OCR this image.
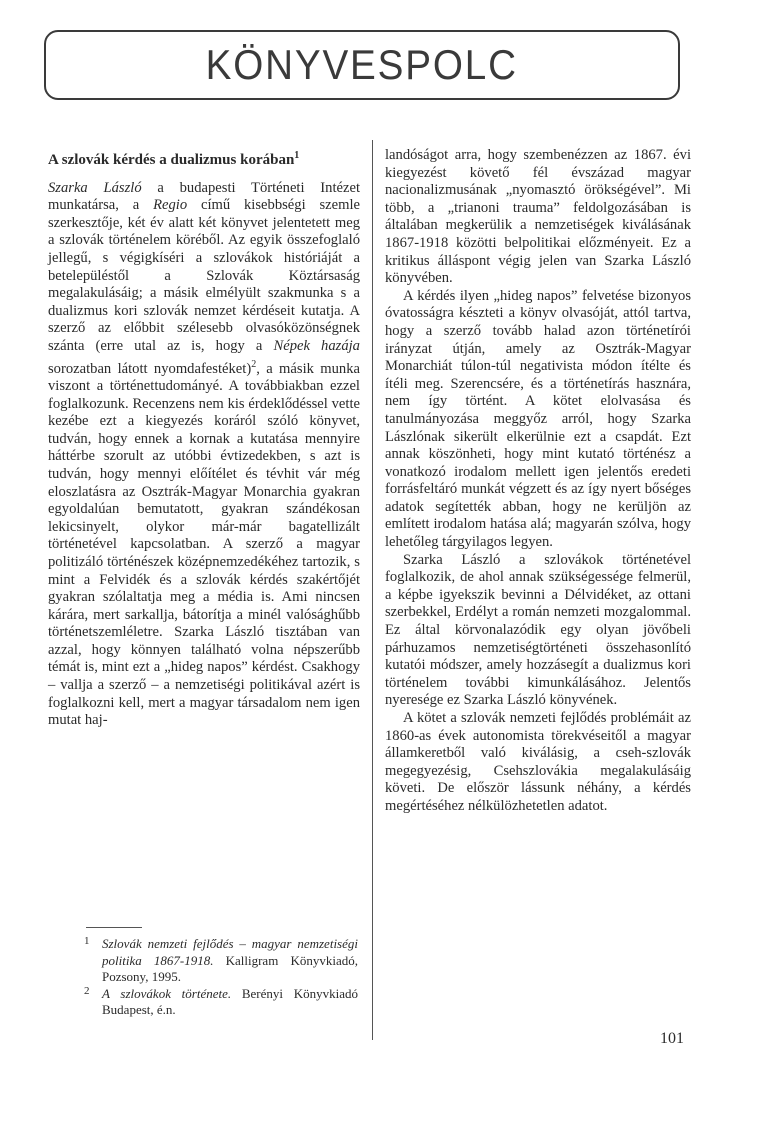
KÖNYVESPOLC
A szlovák kérdés a dualizmus korában$^1$

Szarka László a budapesti Történeti Intézet munkatársa, a Regio című kisebbségi szemle szerkesztője, két év alatt két könyvet jelentetett meg a szlovák történelem köréből. Az egyik összefoglaló jellegű, s végigkíséri a szlovákok históriáját a betelepüléstől a Szlovák Köztársaság megalakulásáig; a másik elmélyült szakmunka s a dualizmus kori szlovák nemzet kérdéseit kutatja. A szerző az előbbit szélesebb olvasóközönségnek szánta (erre utal az is, hogy a Népek hazája sorozatban látott nyomdafestéket)$^2$, a másik munka viszont a történettudományé. A továbbiakban ezzel foglalkozunk. Recenzens nem kis érdeklődéssel vette kezébe ezt a kiegyezés koráról szóló könyvet, tudván, hogy ennek a kornak a kutatása mennyire háttérbe szorult az utóbbi évtizedekben, s azt is tudván, hogy mennyi előítélet és tévhit vár még eloszlatásra az Osztrák-Magyar Monarchia gyakran egyoldalúan bemutatott, gyakran szándékosan lekicsinyelt, olykor már-már bagatellizált történetével kapcsolatban. A szerző a magyar politizáló történészek középnemzedékéhez tartozik, s mint a Felvidék és a szlovák kérdés szakértőjét gyakran szólaltatja meg a média is. Ami nincsen kárára, mert sarkallja, bátorítja a minél valósághűbb történetszemléletre. Szarka László tisztában van azzal, hogy könnyen található volna népszerűbb témát is, mint ezt a „hideg napos” kérdést. Csakhogy – vallja a szerző – a nemzetiségi politikával azért is foglalkozni kell, mert a magyar társadalom nem igen mutat haj-

landóságot arra, hogy szembenézzen az 1867. évi kiegyezést követő fél évszázad magyar nacionalizmusának „nyomasztó örökségével”. Mi több, a „trianoni trauma” feldolgozásában is általában megkerülik a nemzetiségek kiválásának 1867-1918 közötti belpolitikai előzményeit. Ez a kritikus álláspont végig jelen van Szarka László könyvében.

A kérdés ilyen „hideg napos” felvetése bizonyos óvatosságra készteti a könyv olvasóját, attól tartva, hogy a szerző tovább halad azon történetírói irányzat útján, amely az Osztrák-Magyar Monarchiát túlon-túl negativista módon ítélte és ítéli meg. Szerencsére, és a történetírás hasznára, nem így történt. A kötet elolvasása és tanulmányozása meggyőz arról, hogy Szarka Lászlónak sikerült elkerülnie ezt a csapdát. Ezt annak köszönheti, hogy mint kutató történész a vonatkozó irodalom mellett igen jelentős eredeti forrásfeltáró munkát végzett és az így nyert bőséges adatok segítették abban, hogy ne kerüljön az említett irodalom hatása alá; magyarán szólva, hogy lehetőleg tárgyilagos legyen.

Szarka László a szlovákok történetével foglalkozik, de ahol annak szükségessége felmerül, a képbe igyekszik bevinni a Délvidéket, az ottani szerbekkel, Erdélyt a román nemzeti mozgalommal. Ez által körvonalazódik egy olyan jövőbeli párhuzamos nemzetiségtörténeti összehasonlító kutatói módszer, amely hozzásegít a dualizmus kori történelem további kimunkálásához. Jelentős nyeresége ez Szarka László könyvének.

A kötet a szlovák nemzeti fejlődés problémáit az 1860-as évek autonomista törekvéseitől a magyar államkeretből való kiválásig, a cseh-szlovák megegyezésig, Csehszlovákia megalakulásáig követi. De először lássunk néhány, a kérdés megértéséhez nélkülözhetetlen adatot.

1 Szlovák nemzeti fejlődés – magyar nemzetiségi politika 1867-1918. Kalligram Könyvkiadó, Pozsony, 1995.
2 A szlovákok története. Berényi Könyvkiadó Budapest, é.n.
101
